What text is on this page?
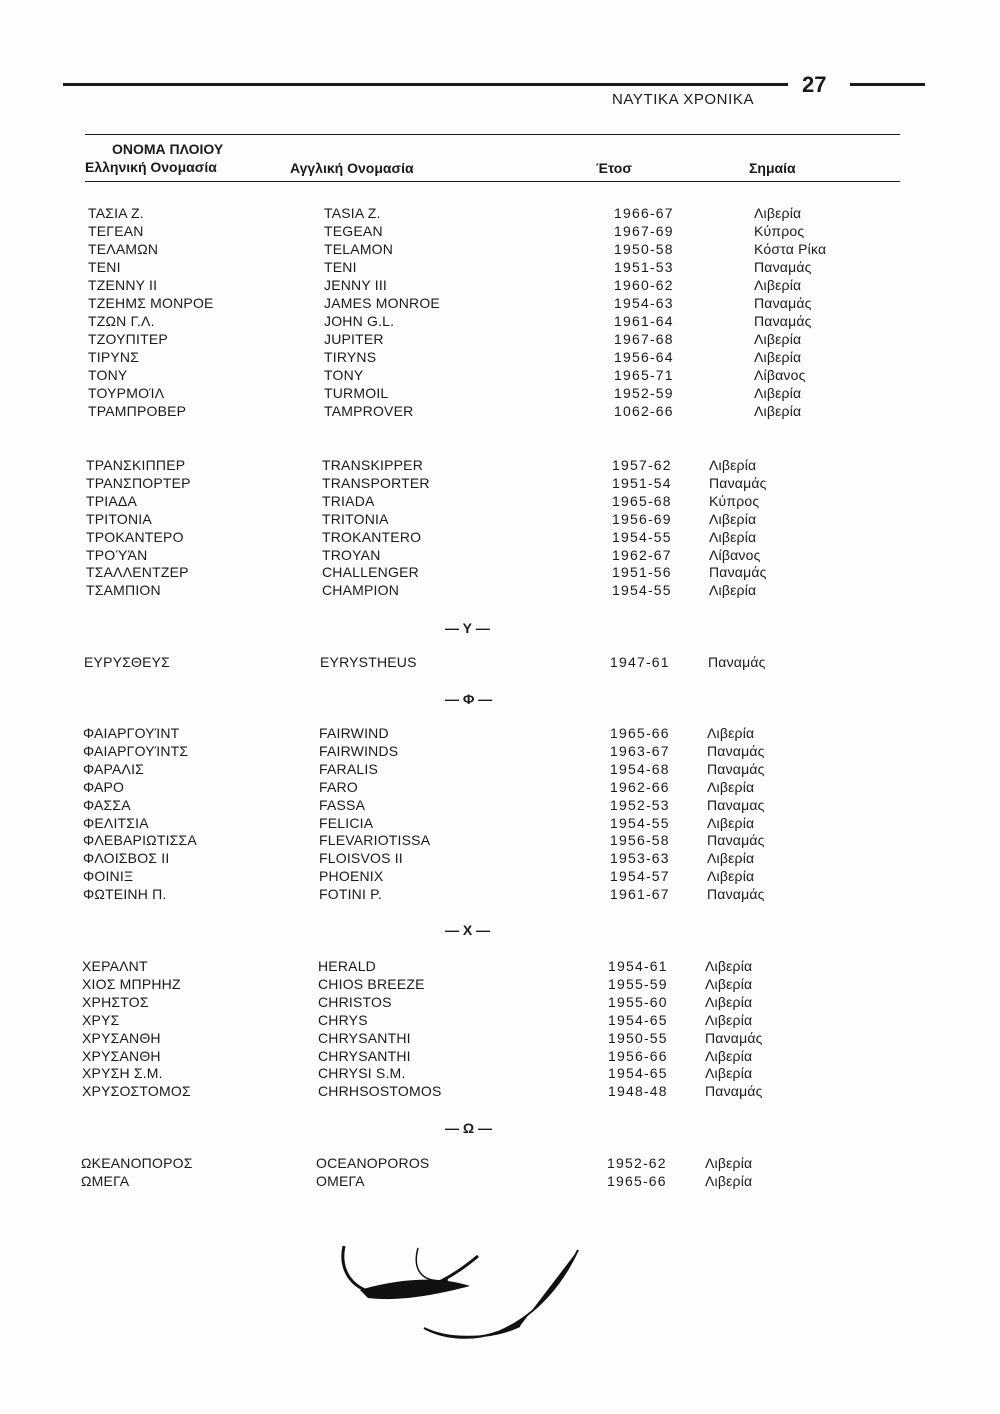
27
ΝΑΥΤΙΚΑ ΧΡΟΝΙΚΑ
ΟΝΟΜΑ ΠΛΟΙΟΥ
Ελληνική Ονομασία	Αγγλική Ονομασία	Έτοσ	Σημαία
ΤΑΣΙΑ Ζ.	TASIA Z.	1966-67	Λιβερία
ΤΕΓΕΑΝ	TEGEAN	1967-69	Κύπρος
ΤΕΛΑΜΩΝ	TELAMON	1950-58	Κόστα Ρίκα
ΤΕΝΙ	TENI	1951-53	Παναμάς
ΤΖΕΝΝΥ ΙΙ	JENNY III	1960-62	Λιβερία
ΤΖΕΗΜΣ ΜΟΝΡΟΕ	JAMES MONROE	1954-63	Παναμάς
ΤΖΩΝ Γ.Λ.	JOHN G.L.	1961-64	Παναμάς
ΤΖΟΥΠΙΤΕΡ	JUPITER	1967-68	Λιβερία
ΤΙΡΥΝΣ	TIRYNS	1956-64	Λιβερία
ΤΟΝΥ	TONY	1965-71	Λίβανος
ΤΟΥΡΜΟΊΛ	TURMOIL	1952-59	Λιβερία
ΤΡΑΜΠΡΟΒΕΡ	TAMPROVER	1062-66	Λιβερία
ΤΡΑΝΣΚΙΠΠΕΡ	TRANSKIPPER	1957-62	Λιβερία
ΤΡΑΝΣΠΟΡΤΕΡ	TRANSPORTER	1951-54	Παναμάς
ΤΡΙΑΔΑ	TRIADA	1965-68	Κύπρος
ΤΡΙΤΟΝΙΑ	TRITONIA	1956-69	Λιβερία
ΤΡΟΚΑΝΤΕΡΟ	TROKANTERO	1954-55	Λιβερία
ΤΡΟΎΆΝ	TROYAN	1962-67	Λίβανος
ΤΣΑΛΛΕΝΤΖΕΡ	CHALLENGER	1951-56	Παναμάς
ΤΣΑΜΠΙΟΝ	CHAMPION	1954-55	Λιβερία
— Υ —
ΕΥΡΥΣΘΕΥΣ	EYRYSTHEUS	1947-61	Παναμάς
— Φ —
ΦΑΙΑΡΓΟΥΊΝΤ	FAIRWIND	1965-66	Λιβερία
ΦΑΙΑΡΓΟΥΊΝΤΣ	FAIRWINDS	1963-67	Παναμάς
ΦΑΡΑΛΙΣ	FARALIS	1954-68	Παναμάς
ΦΑΡΟ	FARO	1962-66	Λιβερία
ΦΑΣΣΑ	FASSA	1952-53	Παναμας
ΦΕΛΙΤΣΙΑ	FELICIA	1954-55	Λιβερία
ΦΛΕΒΑΡΙΩΤΙΣΣΑ	FLEVARIOTISSA	1956-58	Παναμάς
ΦΛΟΙΣΒΟΣ ΙΙ	FLOISVOS II	1953-63	Λιβερία
ΦΟΙΝΙΞ	PHOENIX	1954-57	Λιβερία
ΦΩΤΕΙΝΗ Π.	FOTINI P.	1961-67	Παναμάς
— Χ —
ΧΕΡΑΛΝΤ	HERALD	1954-61	Λιβερία
ΧΙΟΣ ΜΠΡΗΗΖ	CHIOS BREEZE	1955-59	Λιβερία
ΧΡΗΣΤΟΣ	CHRISTOS	1955-60	Λιβερία
ΧΡΥΣ	CHRYS	1954-65	Λιβερία
ΧΡΥΣΑΝΘΗ	CHRYSANTHI	1950-55	Παναμάς
ΧΡΥΣΑΝΘΗ	CHRYSANTHI	1956-66	Λιβερία
ΧΡΥΣΗ Σ.Μ.	CHRYSI S.M.	1954-65	Λιβερία
ΧΡΥΣΟΣΤΟΜΟΣ	CHRHSOSTOMOS	1948-48	Παναμάς
— Ω —
ΩΚΕΑΝΟΠΟΡΟΣ	OCEANOPOROS	1952-62	Λιβερία
ΩΜΕΓΑ	ΟΜΕΓΑ	1965-66	Λιβερία
